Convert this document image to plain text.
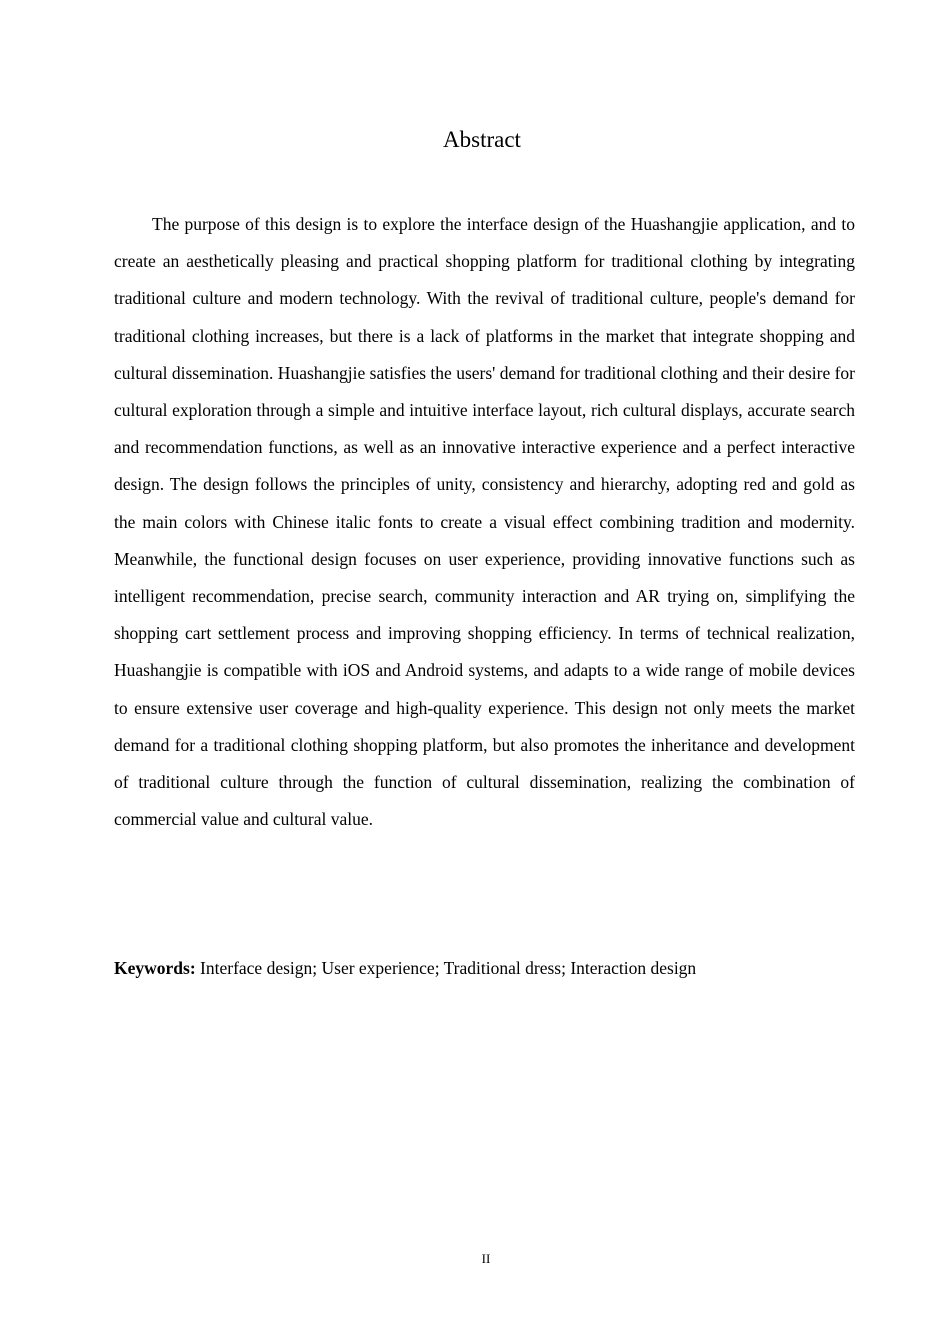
Abstract

The purpose of this design is to explore the interface design of the Huashangjie application, and to create an aesthetically pleasing and practical shopping platform for traditional clothing by integrating traditional culture and modern technology. With the revival of traditional culture, people's demand for traditional clothing increases, but there is a lack of platforms in the market that integrate shopping and cultural dissemination. Huashangjie satisfies the users' demand for traditional clothing and their desire for cultural exploration through a simple and intuitive interface layout, rich cultural displays, accurate search and recommendation functions, as well as an innovative interactive experience and a perfect interactive design. The design follows the principles of unity, consistency and hierarchy, adopting red and gold as the main colors with Chinese italic fonts to create a visual effect combining tradition and modernity. Meanwhile, the functional design focuses on user experience, providing innovative functions such as intelligent recommendation, precise search, community interaction and AR trying on, simplifying the shopping cart settlement process and improving shopping efficiency. In terms of technical realization, Huashangjie is compatible with iOS and Android systems, and adapts to a wide range of mobile devices to ensure extensive user coverage and high-quality experience. This design not only meets the market demand for a traditional clothing shopping platform, but also promotes the inheritance and development of traditional culture through the function of cultural dissemination, realizing the combination of commercial value and cultural value.

Keywords: Interface design; User experience; Traditional dress; Interaction design

II
